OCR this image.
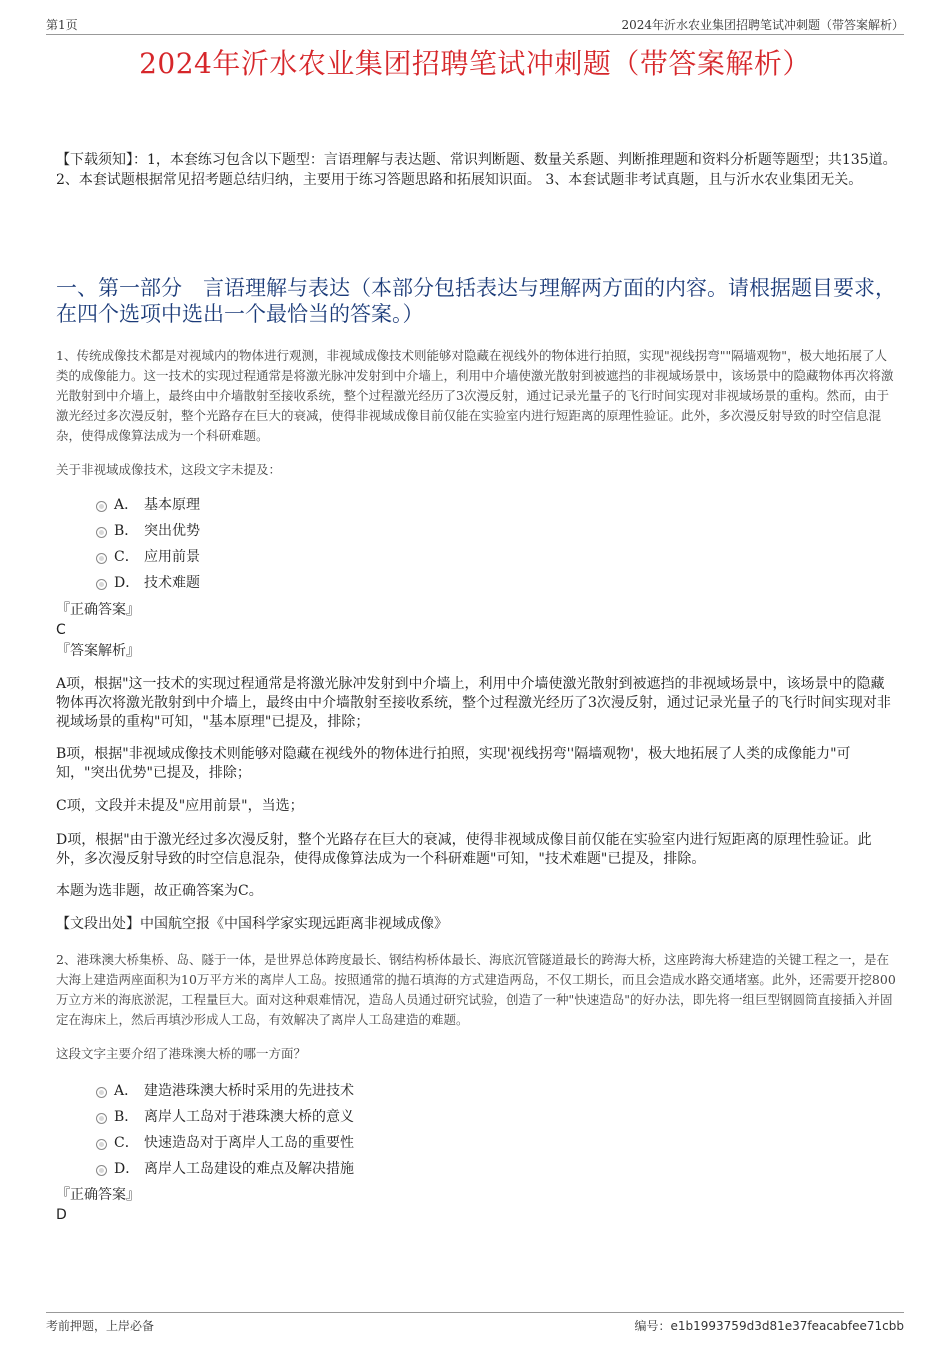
第1页	2024年沂水农业集团招聘笔试冲刺题（带答案解析）
2024年沂水农业集团招聘笔试冲刺题（带答案解析）
【下载须知】：1，本套练习包含以下题型：言语理解与表达题、常识判断题、数量关系题、判断推理题和资料分析题等题型；共135道。 2、本套试题根据常见招考题总结归纳，主要用于练习答题思路和拓展知识面。 3、本套试题非考试真题，且与沂水农业集团无关。
一、第一部分　言语理解与表达（本部分包括表达与理解两方面的内容。请根据题目要求，在四个选项中选出一个最恰当的答案。）
1、传统成像技术都是对视域内的物体进行观测，非视域成像技术则能够对隐藏在视线外的物体进行拍照，实现"视线拐弯""隔墙观物"，极大地拓展了人类的成像能力。这一技术的实现过程通常是将激光脉冲发射到中介墙上，利用中介墙使激光散射到被遮挡的非视域场景中，该场景中的隐藏物体再次将激光散射到中介墙上，最终由中介墙散射至接收系统，整个过程激光经历了3次漫反射，通过记录光量子的飞行时间实现对非视域场景的重构。然而，由于激光经过多次漫反射，整个光路存在巨大的衰减，使得非视域成像目前仅能在实验室内进行短距离的原理性验证。此外，多次漫反射导致的时空信息混杂，使得成像算法成为一个科研难题。
关于非视域成像技术，这段文字未提及：
A． 基本原理
B． 突出优势
C． 应用前景
D． 技术难题
『正确答案』
C
『答案解析』
A项，根据"这一技术的实现过程通常是将激光脉冲发射到中介墙上，利用中介墙使激光散射到被遮挡的非视域场景中，该场景中的隐藏物体再次将激光散射到中介墙上，最终由中介墙散射至接收系统，整个过程激光经历了3次漫反射，通过记录光量子的飞行时间实现对非视域场景的重构"可知，"基本原理"已提及，排除；
B项，根据"非视域成像技术则能够对隐藏在视线外的物体进行拍照，实现'视线拐弯''隔墙观物'，极大地拓展了人类的成像能力"可知，"突出优势"已提及，排除；
C项，文段并未提及"应用前景"，当选；
D项，根据"由于激光经过多次漫反射，整个光路存在巨大的衰减，使得非视域成像目前仅能在实验室内进行短距离的原理性验证。此外，多次漫反射导致的时空信息混杂，使得成像算法成为一个科研难题"可知，"技术难题"已提及，排除。
本题为选非题，故正确答案为C。
【文段出处】中国航空报《中国科学家实现远距离非视域成像》
2、港珠澳大桥集桥、岛、隧于一体，是世界总体跨度最长、钢结构桥体最长、海底沉管隧道最长的跨海大桥，这座跨海大桥建造的关键工程之一，是在大海上建造两座面积为10万平方米的离岸人工岛。按照通常的抛石填海的方式建造两岛，不仅工期长，而且会造成水路交通堵塞。此外，还需要开挖800万立方米的海底淤泥，工程量巨大。面对这种艰难情况，造岛人员通过研究试验，创造了一种"快速造岛"的好办法，即先将一组巨型钢圆筒直接插入并固定在海床上，然后再填沙形成人工岛，有效解决了离岸人工岛建造的难题。
这段文字主要介绍了港珠澳大桥的哪一方面？
A． 建造港珠澳大桥时采用的先进技术
B． 离岸人工岛对于港珠澳大桥的意义
C． 快速造岛对于离岸人工岛的重要性
D． 离岸人工岛建设的难点及解决措施
『正确答案』
D
考前押题，上岸必备	编号：e1b1993759d3d81e37feacabfee71cbb
